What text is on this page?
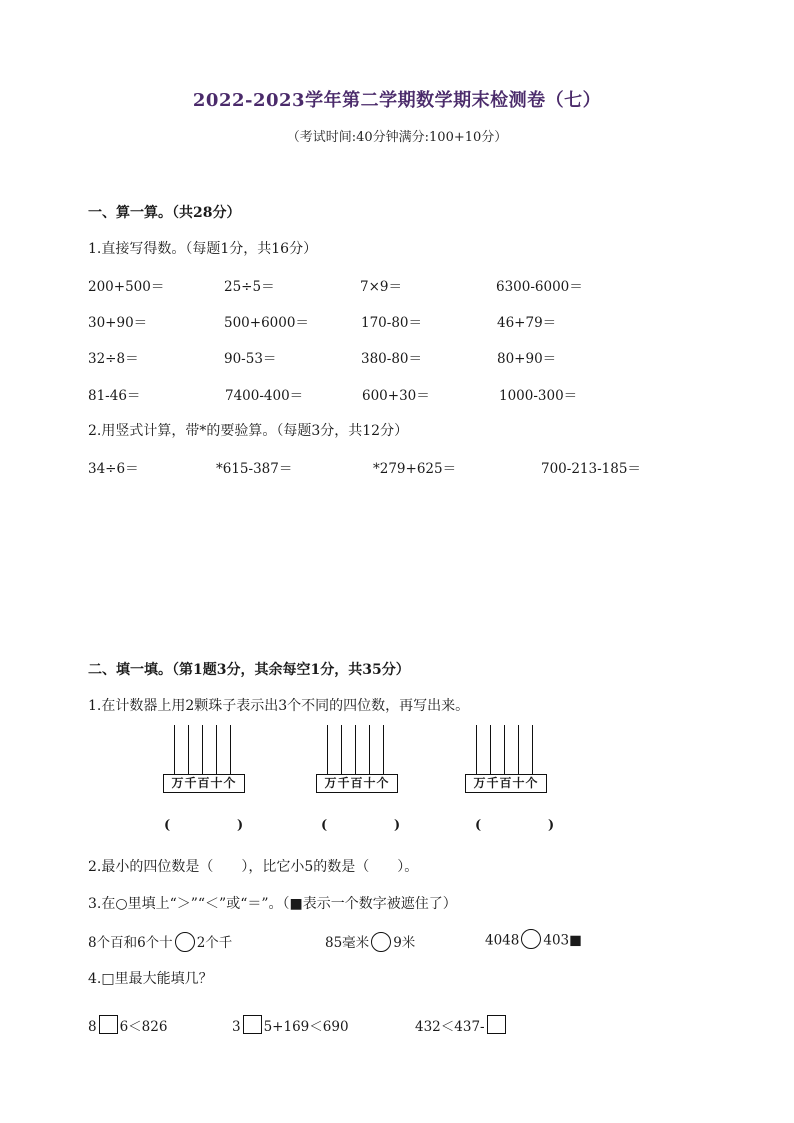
2022-2023学年第二学期数学期末检测卷（七）
（考试时间:40分钟满分:100+10分）
一、算一算。（共28分）
1.直接写得数。（每题1分，共16分）
200+500＝	25÷5＝	7×9＝	6300-6000＝
30+90＝	500+6000＝	170-80＝	46+79＝
32÷8＝	90-53＝	380-80＝	80+90＝
81-46＝	7400-400＝	600+30＝	1000-300＝
2.用竖式计算，带*的要验算。（每题3分，共12分）
34÷6＝	*615-387＝	*279+625＝	700-213-185＝
二、填一填。（第1题3分，其余每空1分，共35分）
1.在计数器上用2颗珠子表示出3个不同的四位数，再写出来。
万千百十个	万千百十个	万千百十个
(	)	(	)	(	)
2.最小的四位数是（　　），比它小5的数是（　　）。
3.在○里填上“＞”“＜”或“＝”。（■表示一个数字被遮住了）
8个百和6个十 2个千	85毫米 9米	4048 403■
4.□里最大能填几？
8 6＜826	3 5+169＜690	432＜437-
